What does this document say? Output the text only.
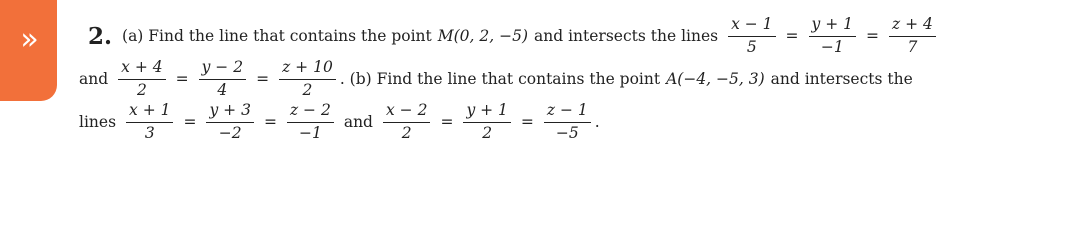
» 2. (a) Find the line that contains the point M(0, 2, −5) and intersects the lines $\frac{x - 1}{5} = \frac{y + 1}{-1} = \frac{z + 4}{7}$
and $\frac{x + 4}{2} = \frac{y - 2}{4} = \frac{z + 10}{2}$ . (b) Find the line that contains the point A(−4, −5, 3) and intersects the
lines $\frac{x + 1}{3} = \frac{y + 3}{-2} = \frac{z - 2}{-1}$ and $\frac{x - 2}{2} = \frac{y + 1}{2} = \frac{z - 1}{-5}$ .
